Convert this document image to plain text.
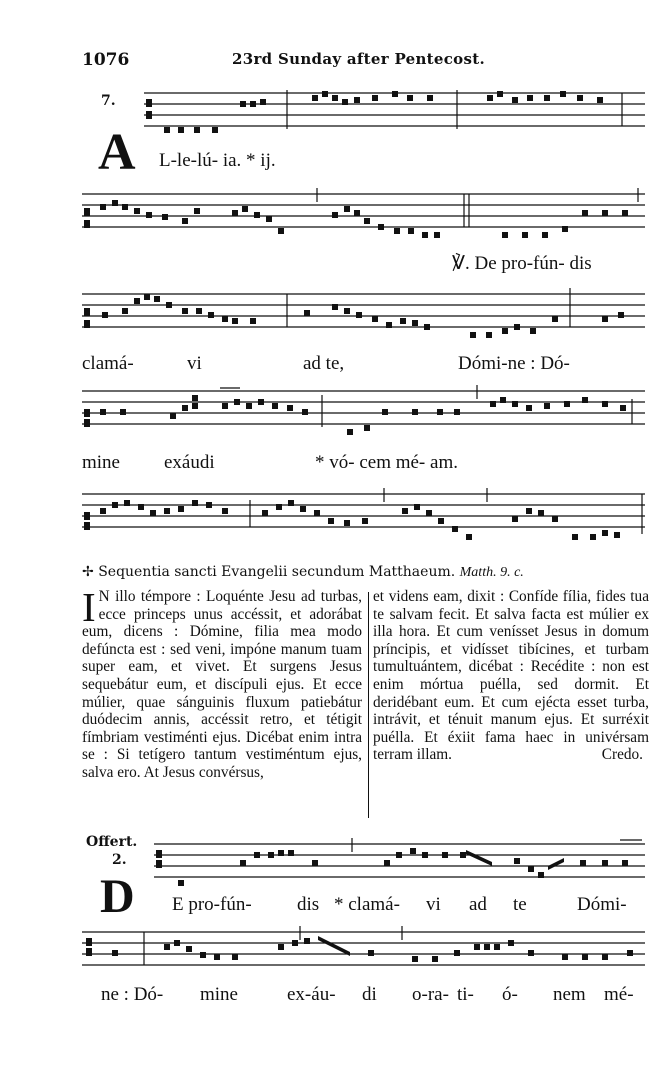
1076	23rd Sunday after Pentecost.
7.
A L-le-lú- ia. * ij.
℣. De pro-fún- dis
clamá-	vi	ad te,	Dómi-ne : Dó-
mine exáudi	* vó- cem mé- am.
✢ Sequentia sancti Evangelii secundum Matthaeum. Matth. 9. c.

I N illo témpore : Loquénte Jesu ad turbas, ecce princeps unus accéssit, et adorábat eum, dicens : Dómine, filia mea modo defúncta est : sed veni, impóne manum tuam super eam, et vivet. Et surgens Jesus sequebátur eum, et discípuli ejus. Et ecce múlier, quae sánguinis fluxum patiebátur duódecim annis, accéssit retro, et tétigit fímbriam vestiménti ejus. Dicébat enim intra se : Si tetígero tantum vestiméntum ejus, salva ero. At Jesus convérsus,

et videns eam, dixit : Confíde fília, fides tua te salvam fecit. Et salva facta est múlier ex illa hora. Et cum venísset Jesus in domum príncipis, et vidísset tibícines, et turbam tumultuántem, dicébat : Recédite : non est enim mórtua puélla, sed dormit. Et deridébant eum. Et cum ejécta esset turba, intrávit, et ténuit manum ejus. Et surréxit puélla. Et éxiit fama haec in univérsam terram illam.	Credo.
Offert.
2.
D E pro-fún- dis * clamá- vi ad te	Dómi-
ne : Dó- mine	ex-áu- di o-ra- ti- ó- nem mé-
